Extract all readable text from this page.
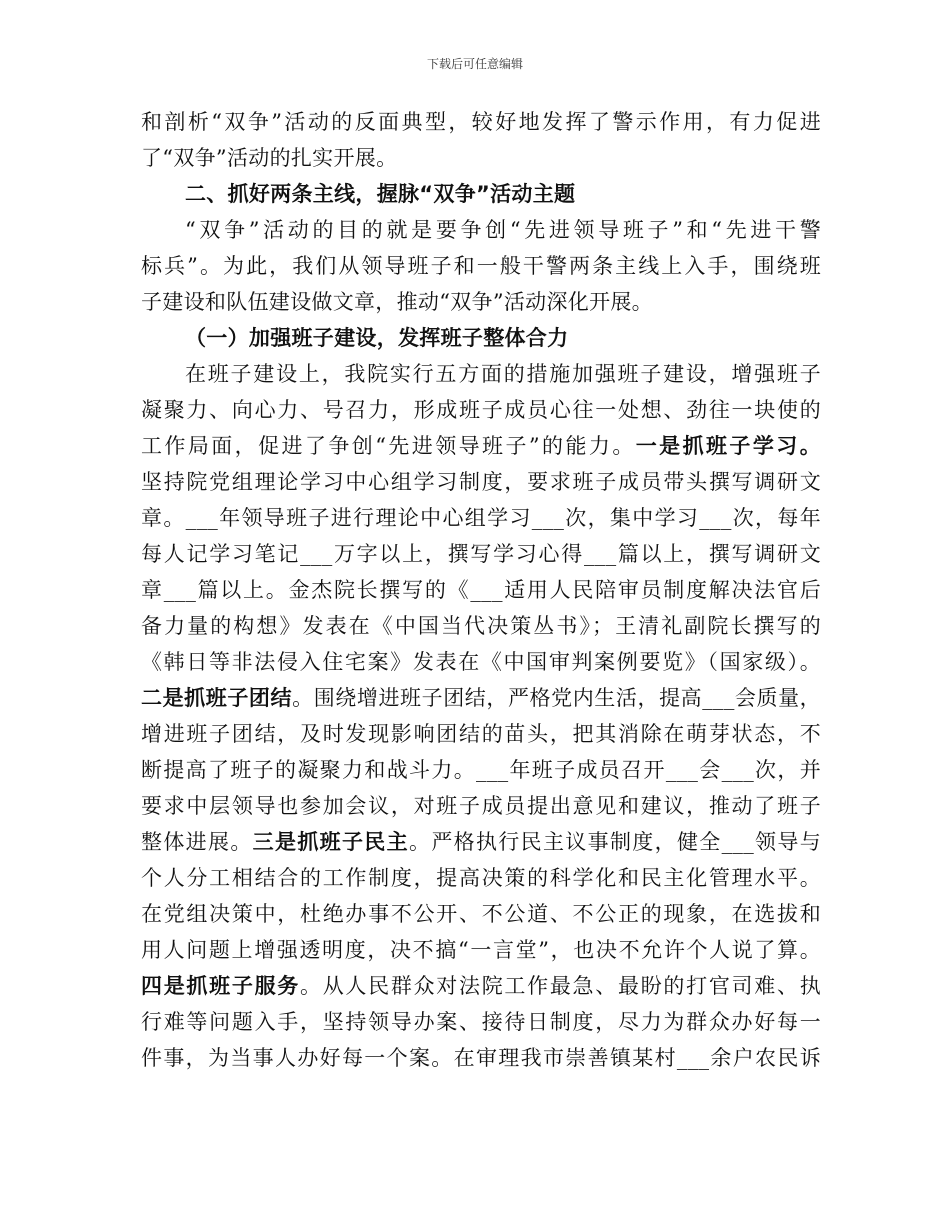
下载后可任意编辑
和剖析“双争”活动的反面典型，较好地发挥了警示作用，有力促进
了“双争”活动的扎实开展。
二、抓好两条主线，握脉“双争”活动主题
“双争”活动的目的就是要争创“先进领导班子”和“先进干警
标兵”。为此，我们从领导班子和一般干警两条主线上入手，围绕班
子建设和队伍建设做文章，推动“双争”活动深化开展。
（一）加强班子建设，发挥班子整体合力
在班子建设上，我院实行五方面的措施加强班子建设，增强班子
凝聚力、向心力、号召力，形成班子成员心往一处想、劲往一块使的
工作局面，促进了争创“先进领导班子”的能力。一是抓班子学习。
坚持院党组理论学习中心组学习制度，要求班子成员带头撰写调研文
章。___年领导班子进行理论中心组学习___次，集中学习___次，每年
每人记学习笔记___万字以上，撰写学习心得___篇以上，撰写调研文
章___篇以上。金杰院长撰写的《___适用人民陪审员制度解决法官后
备力量的构想》发表在《中国当代决策丛书》；王清礼副院长撰写的
《韩日等非法侵入住宅案》发表在《中国审判案例要览》（国家级）。
二是抓班子团结。围绕增进班子团结，严格党内生活，提高___会质量，
增进班子团结，及时发现影响团结的苗头，把其消除在萌芽状态，不
断提高了班子的凝聚力和战斗力。___年班子成员召开___会___次，并
要求中层领导也参加会议，对班子成员提出意见和建议，推动了班子
整体进展。三是抓班子民主。严格执行民主议事制度，健全___领导与
个人分工相结合的工作制度，提高决策的科学化和民主化管理水平。
在党组决策中，杜绝办事不公开、不公道、不公正的现象，在选拔和
用人问题上增强透明度，决不搞“一言堂”，也决不允许个人说了算。
四是抓班子服务。从人民群众对法院工作最急、最盼的打官司难、执
行难等问题入手，坚持领导办案、接待日制度，尽力为群众办好每一
件事，为当事人办好每一个案。在审理我市崇善镇某村___余户农民诉
